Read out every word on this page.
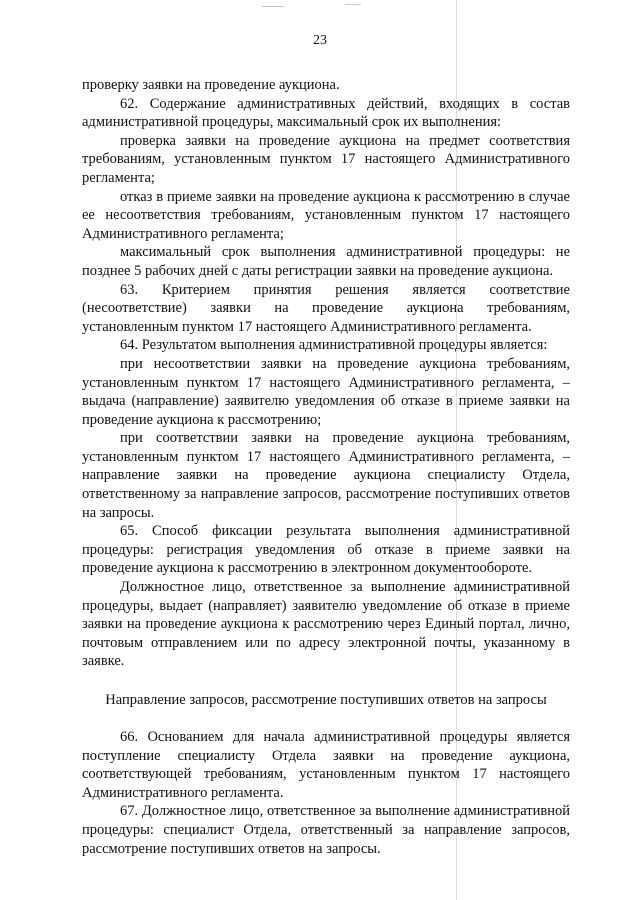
23

проверку заявки на проведение аукциона.

62. Содержание административных действий, входящих в состав административной процедуры, максимальный срок их выполнения:

проверка заявки на проведение аукциона на предмет соответствия требованиям, установленным пунктом 17 настоящего Административного регламента;

отказ в приеме заявки на проведение аукциона к рассмотрению в случае ее несоответствия требованиям, установленным пунктом 17 настоящего Административного регламента;

максимальный срок выполнения административной процедуры: не позднее 5 рабочих дней с даты регистрации заявки на проведение аукциона.

63. Критерием принятия решения является соответствие (несоответствие) заявки на проведение аукциона требованиям, установленным пунктом 17 настоящего Административного регламента.

64. Результатом выполнения административной процедуры является:

при несоответствии заявки на проведение аукциона требованиям, установленным пунктом 17 настоящего Административного регламента, – выдача (направление) заявителю уведомления об отказе в приеме заявки на проведение аукциона к рассмотрению;

при соответствии заявки на проведение аукциона требованиям, установленным пунктом 17 настоящего Административного регламента, – направление заявки на проведение аукциона специалисту Отдела, ответственному за направление запросов, рассмотрение поступивших ответов на запросы.

65. Способ фиксации результата выполнения административной процедуры: регистрация уведомления об отказе в приеме заявки на проведение аукциона к рассмотрению в электронном документообороте.

Должностное лицо, ответственное за выполнение административной процедуры, выдает (направляет) заявителю уведомление об отказе в приеме заявки на проведение аукциона к рассмотрению через Единый портал, лично, почтовым отправлением или по адресу электронной почты, указанному в заявке.

Направление запросов, рассмотрение поступивших ответов на запросы

66. Основанием для начала административной процедуры является поступление специалисту Отдела заявки на проведение аукциона, соответствующей требованиям, установленным пунктом 17 настоящего Административного регламента.

67. Должностное лицо, ответственное за выполнение административной процедуры: специалист Отдела, ответственный за направление запросов, рассмотрение поступивших ответов на запросы.
